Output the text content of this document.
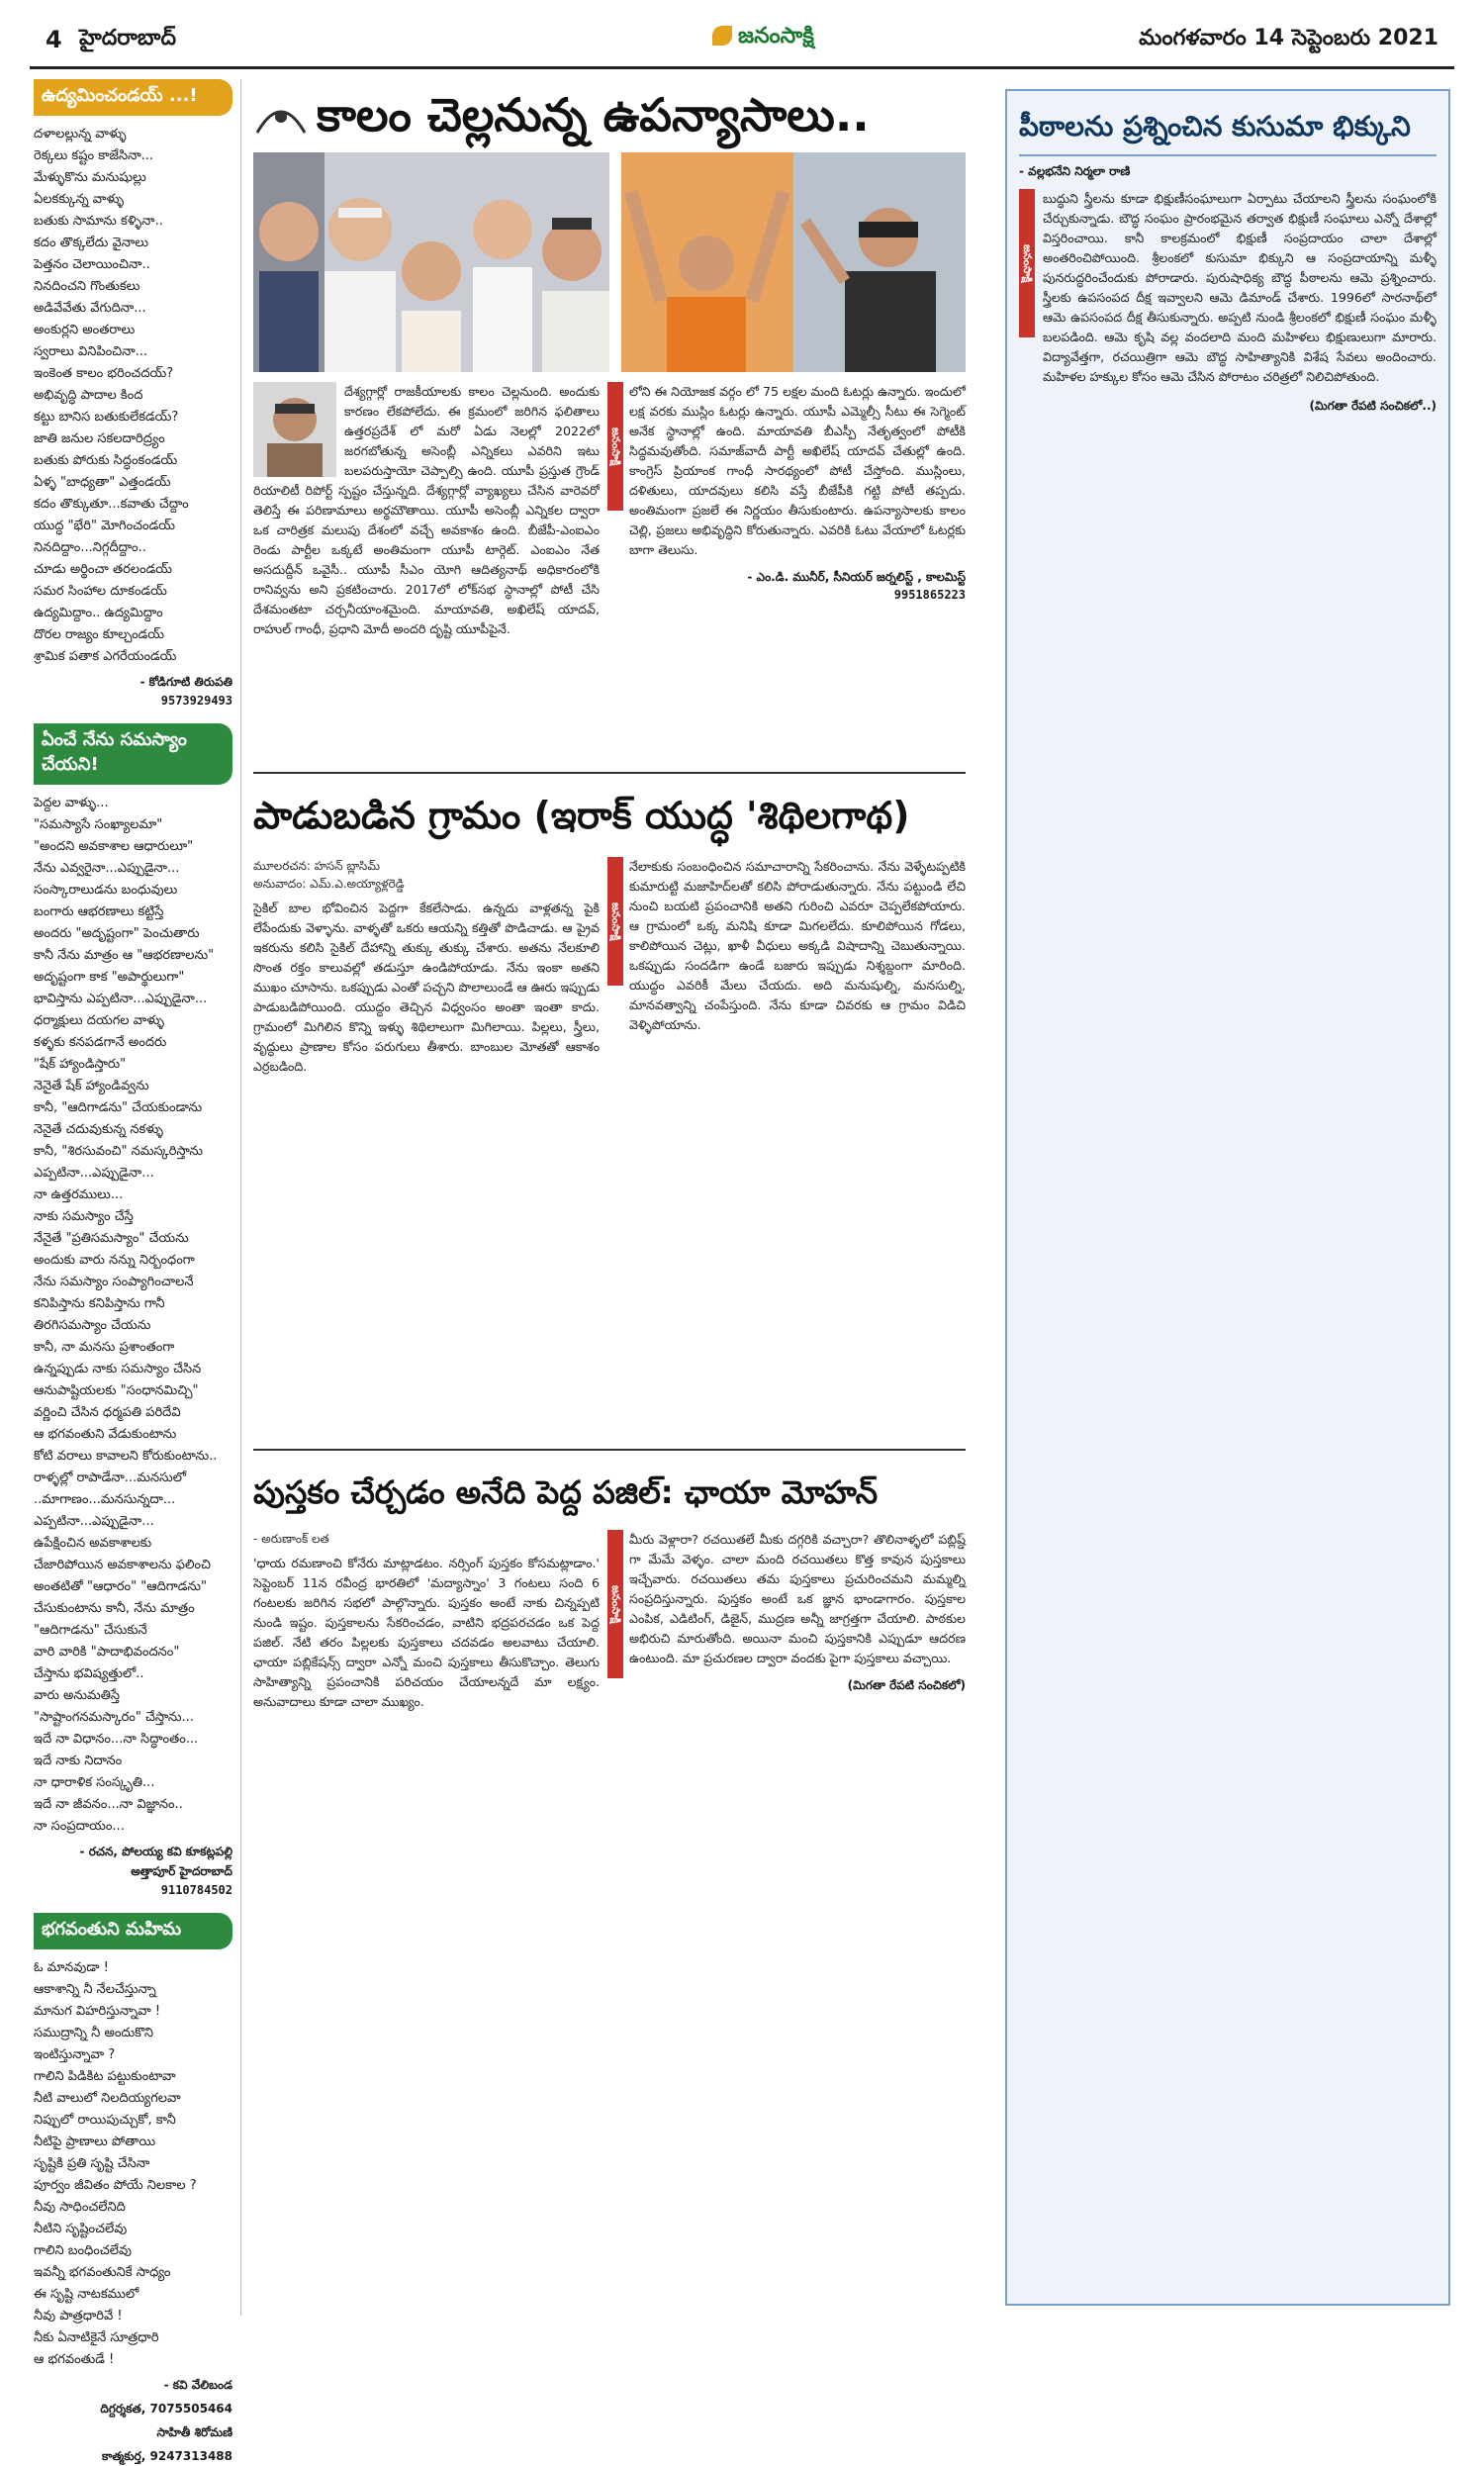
4 హైదరాబాద్	జనంసాక్షి	మంగళవారం 14 సెప్టెంబరు 2021
ఉద్యమించండయ్ ...!
దళాలల్లున్న వాళ్ళు
రెక్కలు కష్టం కాజేసినా...
మేళ్ళుకొను మనుషుల్లు
ఏలకక్కున్న వాళ్ళు
బతుకు సామాను కళ్ళినా..
కదం తొక్కలేదు వైనాలు
పెత్తనం చెలాయించినా..
నినదించని గొంతుకలు
అడివేవేతు వేగుదినా...
అంకుర్లని అంతరాలు
స్వరాలు వినిపించినా...
ఇంకెంత కాలం భరించదయ్?
అభివృద్ధి పాదాల కింద
కట్టు బానిస బతుకులేకడయ్?
జాతి జనుల సకలదారిద్ర్యం
బతుకు పోరుకు సిద్ధంకండయ్
ఏళ్ళ "బాధ్యతా" ఎత్తండయ్
కదం తొక్కుతూ...కవాతు చేద్దాం
యుద్ధ "భేరి" మోగించండయ్
నినదిద్దాం...నిగ్గదీద్దాం..
చూడు అర్థించా తరలండయ్
సమర సింహాల దూకండయ్
ఉద్యమిద్దాం.. ఉద్యమిద్దాం
దొరల రాజ్యం కూల్చండయ్
శ్రామిక పతాక ఎగరేయండయ్
- కోడిగూటి తిరుపతి
9573929493
ఏంచే నేను సమస్యాం చేయని!
పెద్దల వాళ్ళు...
"సమస్యాసే సంఖ్యాలమా"
"అందని అవకాశాల ఆధారులూ"
నేను ఎవ్వరైనా...ఎప్పుడైనా...
సంస్కారాలుడను బంధువులు
బంగారు ఆభరణాలు కట్టిస్తే
అందరు "అదృష్టంగా" పెంచుతారు
కానీ నేను మాత్రం ఆ "ఆభరణాలను"
అదృష్టంగా కాక "అపార్థులుగా"
భావిస్తాను ఎప్పటినా...ఎప్పుడైనా...
ధర్మాక్షులు దయగల వాళ్ళు
కళ్ళకు కనపడగానే అందరు
"షేక్ హ్యాండిస్తారు"
నెనైతే షేక్ హ్యాండివ్వను
కానీ, "ఆదిగాడను" చేయకుండాను
నెనైతే చదువుకున్న నకళ్ళు
కానీ, "శిరసువంచి" నమస్కరిస్తాను
ఎప్పటినా...ఎప్పుడైనా...
నా ఉత్తరములు...
నాకు సమస్యాం చేస్తే
నేనైతే "ప్రతిసమస్యాం" చేయను
అందుకు వారు నన్ను నిర్బంధంగా
నేను సమస్యాం సంప్యాగించాలనే
కనిపిస్తాను కనిపిస్తాను గానీ
తిరగిసమస్యాం చేయను
కానీ, నా మనసు ప్రశాంతంగా
ఉన్నప్పుడు నాకు సమస్యాం చేసిన
ఆనుపాష్టియలకు "సంధానమిచ్చి"
వర్ణించి చేసిన ధర్మపతి పరిదేవి
ఆ భగవంతుని వేడుకుంటాను
కోటి వరాలు కావాలని కోరుకుంటాను..
రాళ్ళల్లో రాపాడేనా...మనసులో
..మాగాణం...మనసున్నదా...
ఎప్పటినా...ఎప్పుడైనా...
ఉపేక్షించిన అవకాశాలకు
చేజారిపోయిన అవకాశాలను ఫలించి
అంతటితో "ఆధారం" "ఆదిగాడను"
చేసుకుంటాను కానీ, నేను మాత్రం
"ఆదిగాడను" చేసుకునే
వారి వారికి "పాదాభివందనం"
చేస్తాను భవిష్యత్తులో..
వారు అనుమతిస్తే
"సాష్టాంగనమస్కారం" చేస్తాను...
ఇదే నా విధానం...నా సిద్ధాంతం...
ఇదే నాకు నిదానం
నా ధారాళిక సంస్కృతి...
ఇదే నా జీవనం...నా విజ్ఞానం..
నా సంప్రదాయం...
- రచన, పోలయ్య కవి కూకట్లపల్లి అత్తాపూర్ హైదరాబాద్
9110784502
భగవంతుని మహిమ
ఓ మానవుడా !
ఆకాశాన్ని నీ నేలచేస్తున్నా
మానుగ విహరిస్తున్నావా !
సముద్రాన్ని నీ అందుకొని
ఇంటిస్తున్నావా ?
గాలిని పిడికిట పట్టుకుంటావా
నీటి వాలులో నిలదియ్యగలవా
నిప్పులో రాయిపుచ్చుకో, కానీ
నీటిపై ప్రాణాలు పోతాయి
సృష్టికి ప్రతి సృష్టి చేసినా
పూర్వం జీవితం పోయే నిలకాల ?
నీవు సాధించలేనిది
నీటిని సృష్టించలేవు
గాలిని బంధించలేవు
ఇవన్నీ భగవంతునికే సాధ్యం
ఈ సృష్టి నాటకములో
నీవు పాత్రధారివే !
నీకు ఏనాటికైనే సూత్రధారి
ఆ భగవంతుడే !
- కవి వేలిబండ
దిగ్దర్శకత, 7075505464
సాహితీ శిరోమణి
కాత్మకుర్త, 9247313488
కాలం చెల్లనున్న ఉపన్యాసాలు..
దేశ్యగ్గార్లో రాజకీయాలకు కాలం చెల్లనుంది. అందుకు కారణం లేకపోలేదు. ఈ క్రమంలో జరిగిన ఫలితాలు ఉత్తరప్రదేశ్ లో మరో ఏడు నెలల్లో 2022లో జరగబోతున్న అసెంబ్లీ ఎన్నికలు ఎవరిని ఇటు బలపరుస్తాయో చెప్పాల్సి ఉంది. యూపీ ప్రస్తుత గ్రౌండ్ రియాలిటీ రిపోర్ట్ స్పష్టం చేస్తున్నది. దేశ్యగ్గార్లో వ్యాఖ్యలు చేసిన వారెవరో తెలిస్తే ఈ పరిణామాలు అర్థమౌతాయి. యూపీ అసెంబ్లీ ఎన్నికల ద్వారా ఒక చారిత్రక మలుపు దేశంలో వచ్చే అవకాశం ఉంది. బీజేపీ-ఎంఐఎం రెండు పార్టీల ఒక్కటే అంతిమంగా యూపీ టార్గెట్. ఎంఐఎం నేత అసదుద్దీన్ ఒవైసీ.. యూపీ సీఎం యోగి ఆదిత్యనాథ్ అధికారంలోకి రానివ్వను అని ప్రకటించారు. 2017లో లోక్‌సభ స్థానాల్లో పోటీ చేసి దేశమంతటా చర్చనీయాంశమైంది. మాయావతి, అఖిలేష్ యాదవ్, రాహుల్ గాంధీ, ప్రధాని మోదీ అందరి దృష్టి యూపీపైనే.
జనంసాక్షి
లోని ఈ నియోజక వర్గం లో 75 లక్షల మంది ఓటర్లు ఉన్నారు. ఇందులో లక్ష వరకు ముస్లిం ఓటర్లు ఉన్నారు. యూపీ ఎమ్మెల్సీ సీటు ఈ సెగ్మెంట్ అనేక స్థానాల్లో ఉంది. మాయావతి బీఎస్పీ నేతృత్వంలో పోటీకి సిద్ధమవుతోంది. సమాజ్‌వాదీ పార్టీ అఖిలేష్ యాదవ్ చేతుల్లో ఉంది. కాంగ్రెస్ ప్రియాంక గాంధీ సారథ్యంలో పోటీ చేస్తోంది. ముస్లింలు, దళితులు, యాదవులు కలిసి వస్తే బీజేపీకి గట్టి పోటీ తప్పదు. అంతిమంగా ప్రజలే ఈ నిర్ణయం తీసుకుంటారు. ఉపన్యాసాలకు కాలం చెల్లి, ప్రజలు అభివృద్ధిని కోరుతున్నారు. ఎవరికి ఓటు వేయాలో ఓటర్లకు బాగా తెలుసు.
- ఎం.డి. మునీర్, సీనియర్ జర్నలిస్ట్ , కాలమిస్ట్
9951865223
పాడుబడిన గ్రామం (ఇరాక్ యుద్ధ 'శిథిలగాథ)
మూలరచన: హసన్ బ్లాసిమ్
అనువాదం: ఎమ్.ఎ.అయ్యాళ్లరెడ్డి
సైకిల్ బాల భోవించిన పెద్దగా కేకలేసాడు. ఉన్నదు వాళ్లతన్న పైకి లేపేందుకు వెళ్ళాను. వాళ్ళతో ఒకరు ఆయన్ని కత్తితో పొడిచాడు. ఆ ప్రైవ ఇకరును కలిసి సైకిల్ దేహాన్ని తుక్కు తుక్కు చేశారు. అతను నేలకూలి సొంత రక్తం కాలువల్లో తడుస్తూ ఉండిపోయాడు. నేను ఇంకా అతని ముఖం చూసాను. ఒకప్పుడు ఎంతో పచ్చని పొలాలుండే ఆ ఊరు ఇప్పుడు పాడుబడిపోయింది. యుద్ధం తెచ్చిన విధ్వంసం అంతా ఇంతా కాదు. గ్రామంలో మిగిలిన కొన్ని ఇళ్ళు శిథిలాలుగా మిగిలాయి. పిల్లలు, స్త్రీలు, వృద్ధులు ప్రాణాల కోసం పరుగులు తీశారు. బాంబుల మోతతో ఆకాశం ఎర్రబడింది.
జనంసాక్షి
నేలాకుకు సంబంధించిన సమాచారాన్ని సేకరించాను. నేను వెళ్ళేటప్పటికి కుమారుట్టి మజాహిద్‌లతో కలిసి పోరాడుతున్నారు. నేను పట్టుండి లేచి నుంచి బయటి ప్రపంచానికి అతని గురించి ఎవరూ చెప్పలేకపోయారు. ఆ గ్రామంలో ఒక్క మనిషి కూడా మిగలలేదు. కూలిపోయిన గోడలు, కాలిపోయిన చెట్లు, ఖాళీ వీధులు అక్కడి విషాదాన్ని చెబుతున్నాయి. ఒకప్పుడు సందడిగా ఉండే బజారు ఇప్పుడు నిశ్శబ్దంగా మారింది. యుద్ధం ఎవరికీ మేలు చేయదు. అది మనుషుల్ని, మనసుల్ని, మానవత్వాన్ని చంపేస్తుంది. నేను కూడా చివరకు ఆ గ్రామం విడిచి వెళ్ళిపోయాను.
పుస్తకం చేర్చడం అనేది పెద్ద పజిల్: ఛాయా మోహన్
- అరుణాంక్ లత
'ధాయ రమణాంచి కోనేరు మాట్లాడటం. నర్సింగ్ పుస్తకం కోసమట్లాడాం.' సెప్టెంబర్ 11న రవీంద్ర భారతిలో 'మద్యాస్నాం' 3 గంటలు సంది 6 గంటలకు జరిగిన సభలో పాల్గొన్నారు. పుస్తకం అంటే నాకు చిన్నప్పటి నుండి ఇష్టం. పుస్తకాలను సేకరించడం, వాటిని భద్రపరచడం ఒక పెద్ద పజిల్. నేటి తరం పిల్లలకు పుస్తకాలు చదవడం అలవాటు చేయాలి. ఛాయా పబ్లికేషన్స్ ద్వారా ఎన్నో మంచి పుస్తకాలు తీసుకొచ్చాం. తెలుగు సాహిత్యాన్ని ప్రపంచానికి పరిచయం చేయాలన్నదే మా లక్ష్యం. అనువాదాలు కూడా చాలా ముఖ్యం.
జనంసాక్షి
మీరు వెళ్లారా? రచయితలే మీకు దగ్గరికి వచ్చారా? తొలినాళ్ళలో పబ్లిష్డ్ గా మేమే వెళ్ళం. చాలా మంది రచయితలు కొత్త కావున పుస్తకాలు ఇచ్చేవారు. రచయితలు తమ పుస్తకాలు ప్రచురించమని మమ్మల్ని సంప్రదిస్తున్నారు. పుస్తకం అంటే ఒక జ్ఞాన భాండాగారం. పుస్తకాల ఎంపిక, ఎడిటింగ్, డిజైన్, ముద్రణ అన్నీ జాగ్రత్తగా చేయాలి. పాఠకుల అభిరుచి మారుతోంది. అయినా మంచి పుస్తకానికి ఎప్పుడూ ఆదరణ ఉంటుంది. మా ప్రచురణల ద్వారా వందకు పైగా పుస్తకాలు వచ్చాయి.
(మిగతా రేపటి సంచికలో)
పీఠాలను ప్రశ్నించిన కుసుమా భిక్కుని
- వల్లభనేని నిర్మలా రాణి
జనంసాక్షి
బుద్ధుని స్త్రీలను కూడా భిక్షుణీసంఘాలుగా ఏర్పాటు చేయాలని స్త్రీలను సంఘంలోకి చేర్చుకున్నాడు. బౌద్ధ సంఘం ప్రారంభమైన తర్వాత భిక్షుణీ సంఘాలు ఎన్నో దేశాల్లో విస్తరించాయి. కానీ కాలక్రమంలో భిక్షుణీ సంప్రదాయం చాలా దేశాల్లో అంతరించిపోయింది. శ్రీలంకలో కుసుమా భిక్కుని ఆ సంప్రదాయాన్ని మళ్ళీ పునరుద్ధరించేందుకు పోరాడారు. పురుషాధిక్య బౌద్ధ పీఠాలను ఆమె ప్రశ్నించారు. స్త్రీలకు ఉపసంపద దీక్ష ఇవ్వాలని ఆమె డిమాండ్ చేశారు. 1996లో సారనాథ్‌లో ఆమె ఉపసంపద దీక్ష తీసుకున్నారు. అప్పటి నుండి శ్రీలంకలో భిక్షుణీ సంఘం మళ్ళీ బలపడింది. ఆమె కృషి వల్ల వందలాది మంది మహిళలు భిక్షుణులుగా మారారు. విద్యావేత్తగా, రచయిత్రిగా ఆమె బౌద్ధ సాహిత్యానికి విశేష సేవలు అందించారు. మహిళల హక్కుల కోసం ఆమె చేసిన పోరాటం చరిత్రలో నిలిచిపోతుంది.
(మిగతా రేపటి సంచికలో..)
